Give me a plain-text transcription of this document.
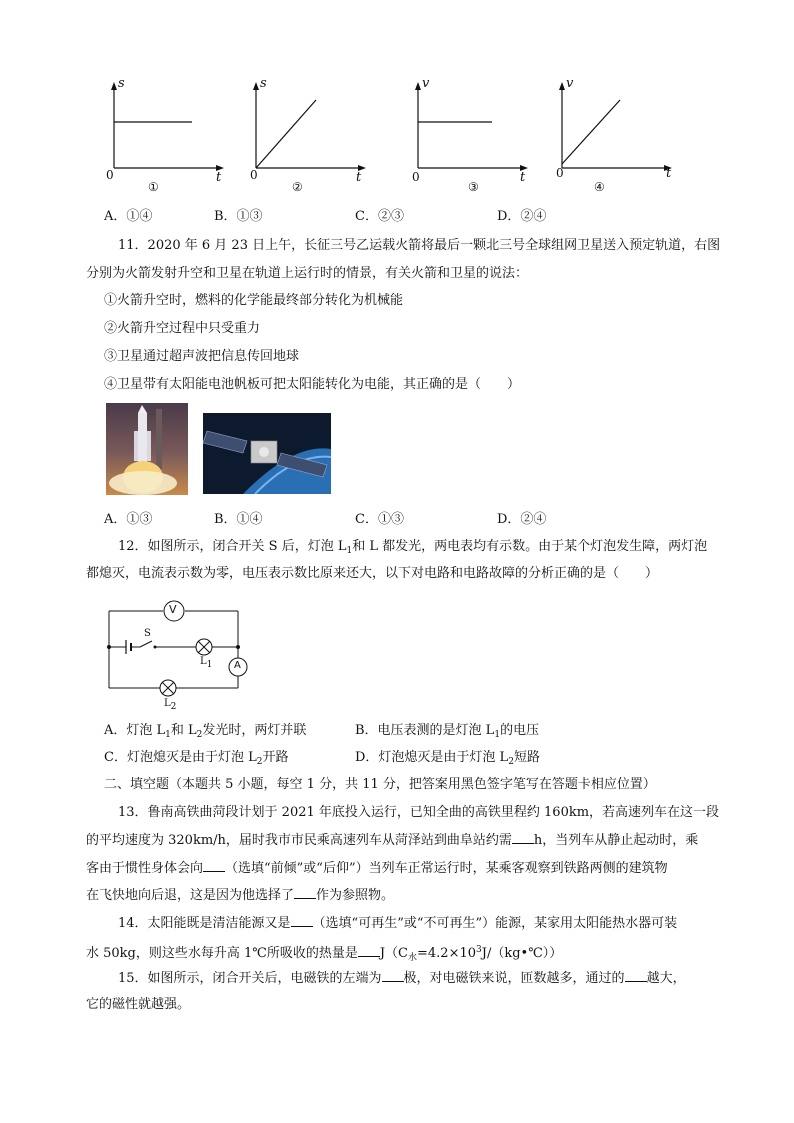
s
t
0
①
s
t
0
②
v
t
0
③
v
t
0
④
A．①④	B．①③	C．②③	D．②④
11．2020 年 6 月 23 日上午，长征三号乙运载火箭将最后一颗北三号全球组网卫星送入预定轨道，右图
分别为火箭发射升空和卫星在轨道上运行时的情景，有关火箭和卫星的说法：
①火箭升空时，燃料的化学能最终部分转化为机械能
②火箭升空过程中只受重力
③卫星通过超声波把信息传回地球
④卫星带有太阳能电池帆板可把太阳能转化为电能，其正确的是（　　）
A．①③	B．①④	C．①③	D．②④
12．如图所示，闭合开关 S 后，灯泡 $L_1$和 L 都发光，两电表均有示数。由于某个灯泡发生障，两灯泡
都熄灭，电流表示数为零，电压表示数比原来还大，以下对电路和电路故障的分析正确的是（　　）
V
A
S
$L_1$
$L_2$
A．灯泡 $L_1$和 $L_2$发光时，两灯并联	B．电压表测的是灯泡 $L_1$的电压
C．灯泡熄灭是由于灯泡 $L_2$开路	D．灯泡熄灭是由于灯泡 $L_2$短路
二、填空题（本题共 5 小题，每空 1 分，共 11 分，把答案用黑色签字笔写在答题卡相应位置）
13．鲁南高铁曲菏段计划于 2021 年底投入运行，已知全曲的高铁里程约 160km，若高速列车在这一段
的平均速度为 320km/h，届时我市市民乘高速列车从菏泽站到曲阜站约需 h，当列车从静止起动时，乘
客由于惯性身体会向 （选填“前倾”或“后仰”）当列车正常运行时，某乘客观察到铁路两侧的建筑物
在飞快地向后退，这是因为他选择了 作为参照物。
14．太阳能既是清洁能源又是 （选填“可再生”或“不可再生”）能源，某家用太阳能热水器可装
水 50kg，则这些水每升高 1℃所吸收的热量是 $J(C_水=4.2\times 10^3J/(kg•℃))$
15．如图所示，闭合开关后，电磁铁的左端为 极，对电磁铁来说，匝数越多，通过的 越大，
它的磁性就越强。
